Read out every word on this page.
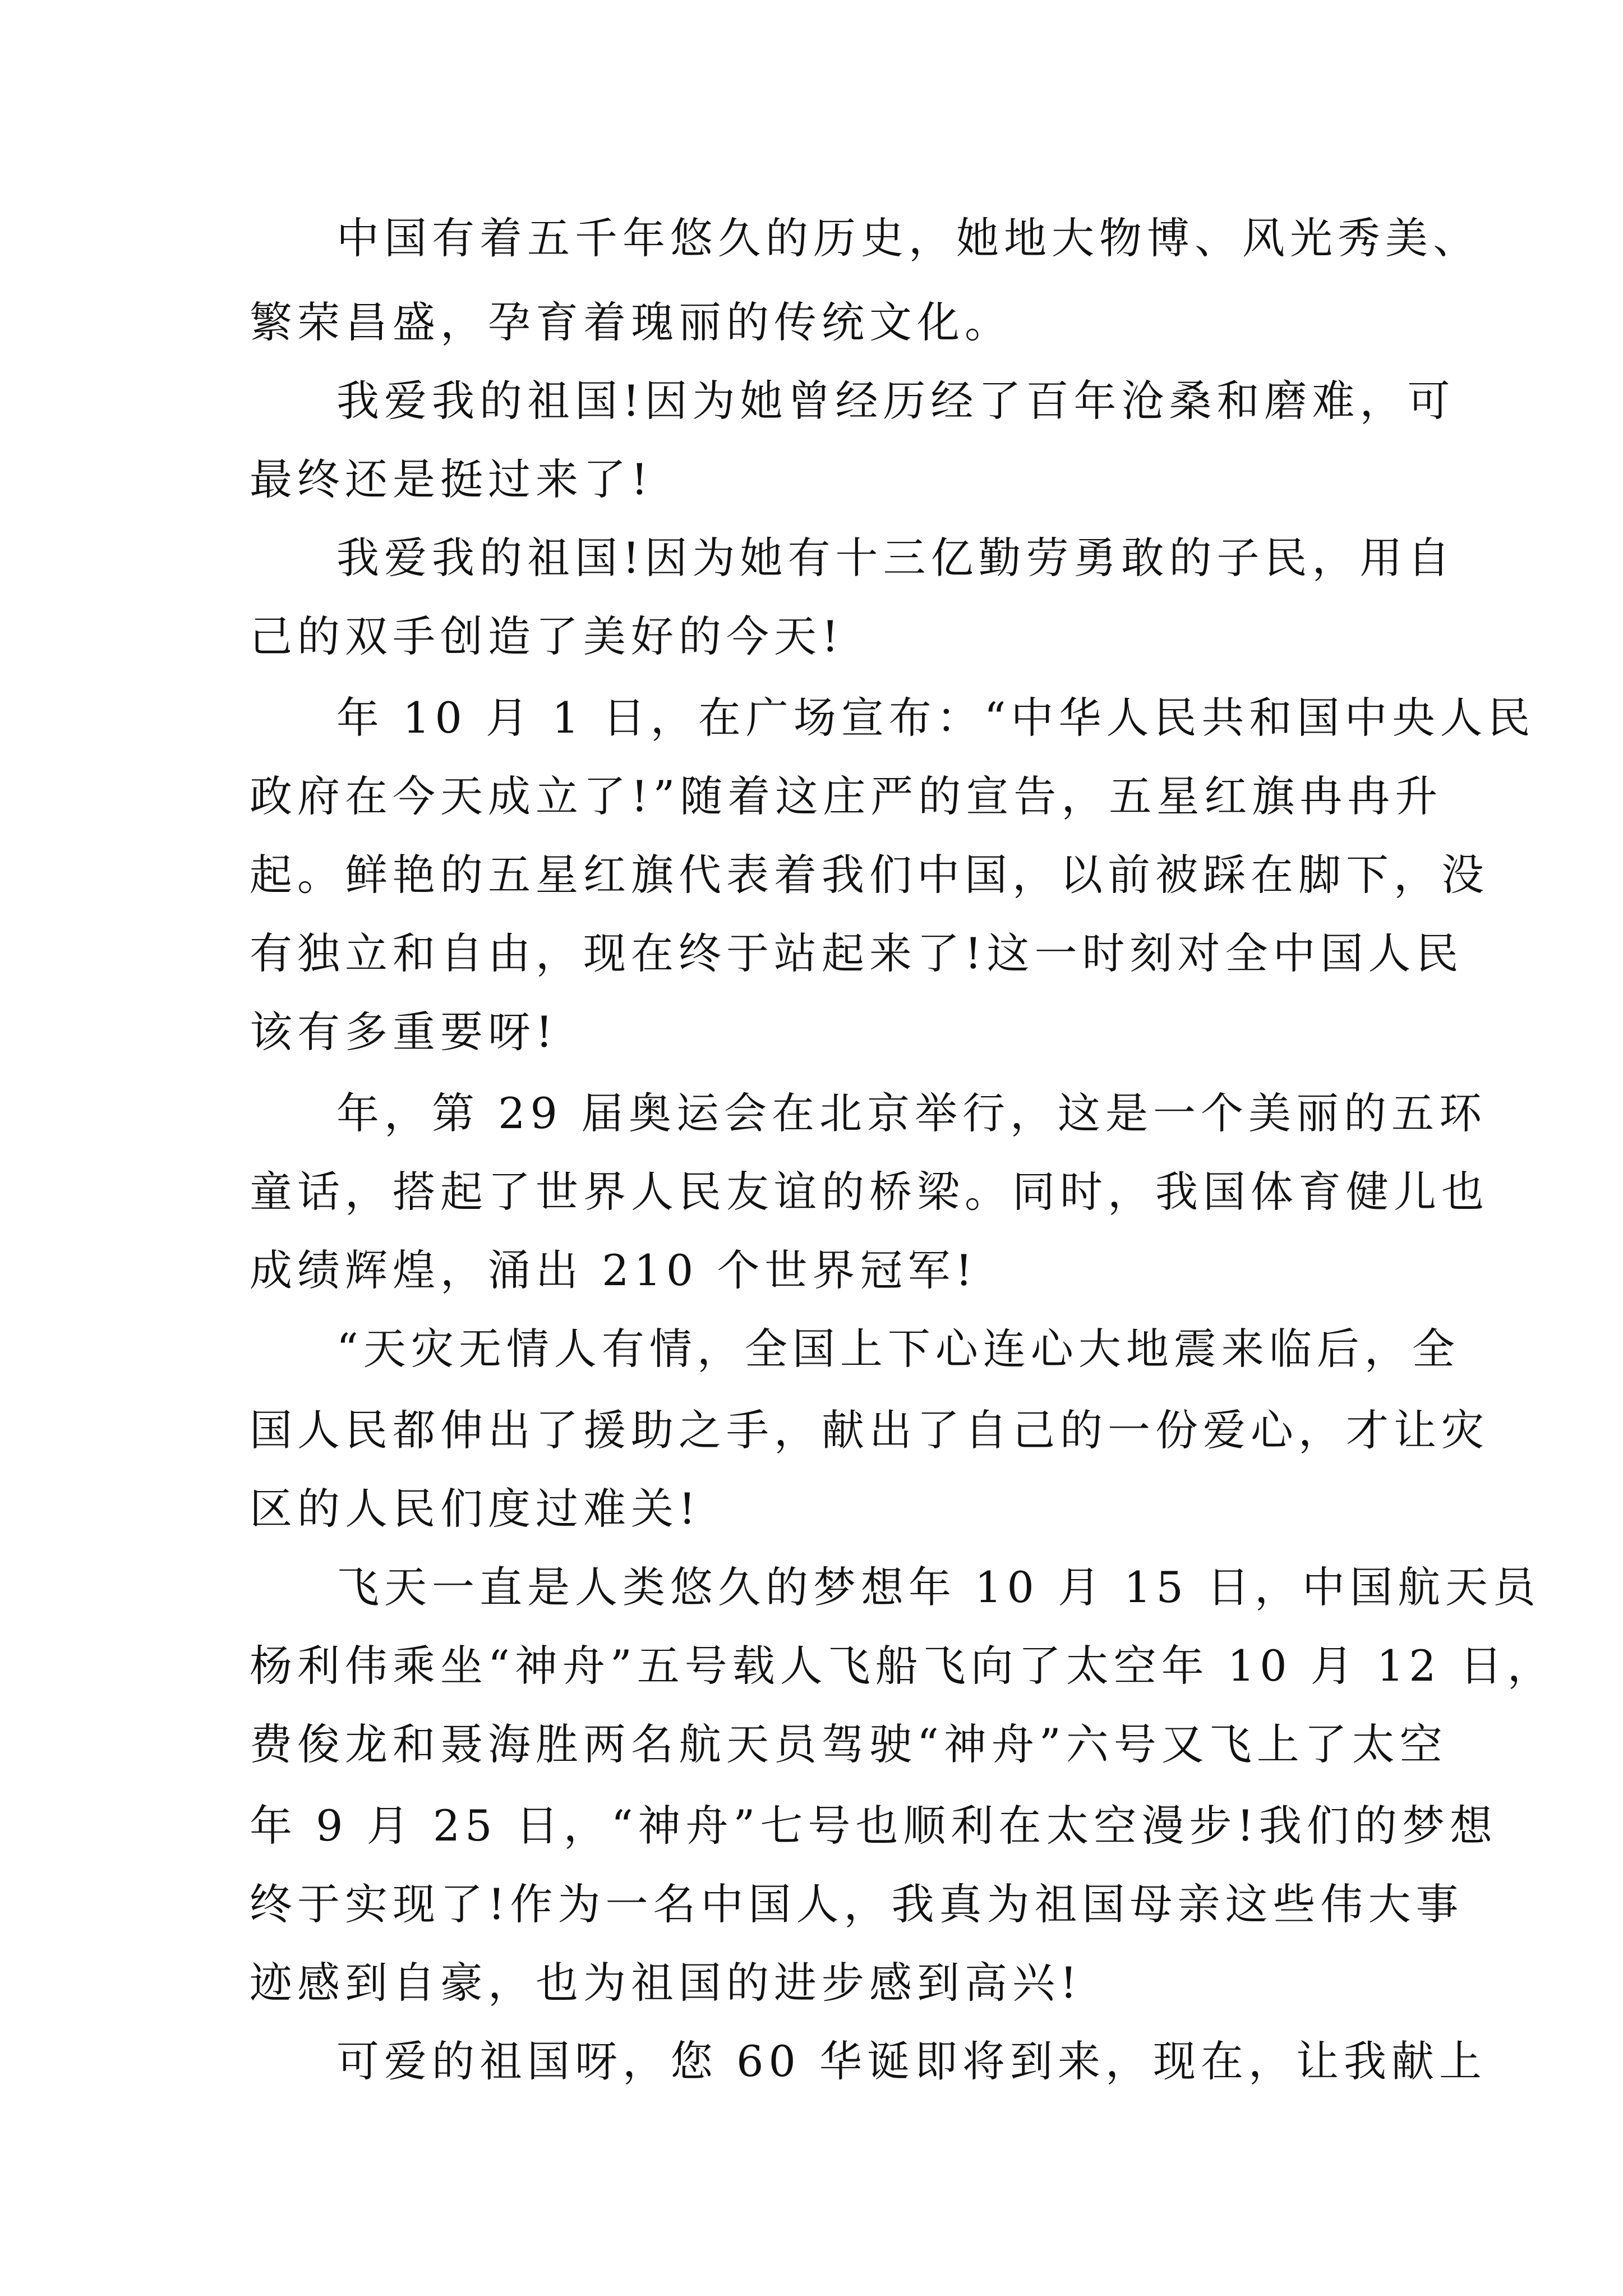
中国有着五千年悠久的历史，她地大物博、风光秀美、
繁荣昌盛，孕育着瑰丽的传统文化。
我爱我的祖国!因为她曾经历经了百年沧桑和磨难，可
最终还是挺过来了!
我爱我的祖国!因为她有十三亿勤劳勇敢的子民，用自
己的双手创造了美好的今天!
年 10 月 1 日，在广场宣布：“中华人民共和国中央人民
政府在今天成立了!”随着这庄严的宣告，五星红旗冉冉升
起。鲜艳的五星红旗代表着我们中国，以前被踩在脚下，没
有独立和自由，现在终于站起来了!这一时刻对全中国人民
该有多重要呀!
年，第 29 届奥运会在北京举行，这是一个美丽的五环
童话，搭起了世界人民友谊的桥梁。同时，我国体育健儿也
成绩辉煌，涌出 210 个世界冠军!
“天灾无情人有情，全国上下心连心大地震来临后，全
国人民都伸出了援助之手，献出了自己的一份爱心，才让灾
区的人民们度过难关!
飞天一直是人类悠久的梦想年 10 月 15 日，中国航天员
杨利伟乘坐“神舟”五号载人飞船飞向了太空年 10 月 12 日，
费俊龙和聂海胜两名航天员驾驶“神舟”六号又飞上了太空
年 9 月 25 日，“神舟”七号也顺利在太空漫步!我们的梦想
终于实现了!作为一名中国人，我真为祖国母亲这些伟大事
迹感到自豪，也为祖国的进步感到高兴!
可爱的祖国呀，您 60 华诞即将到来，现在，让我献上
